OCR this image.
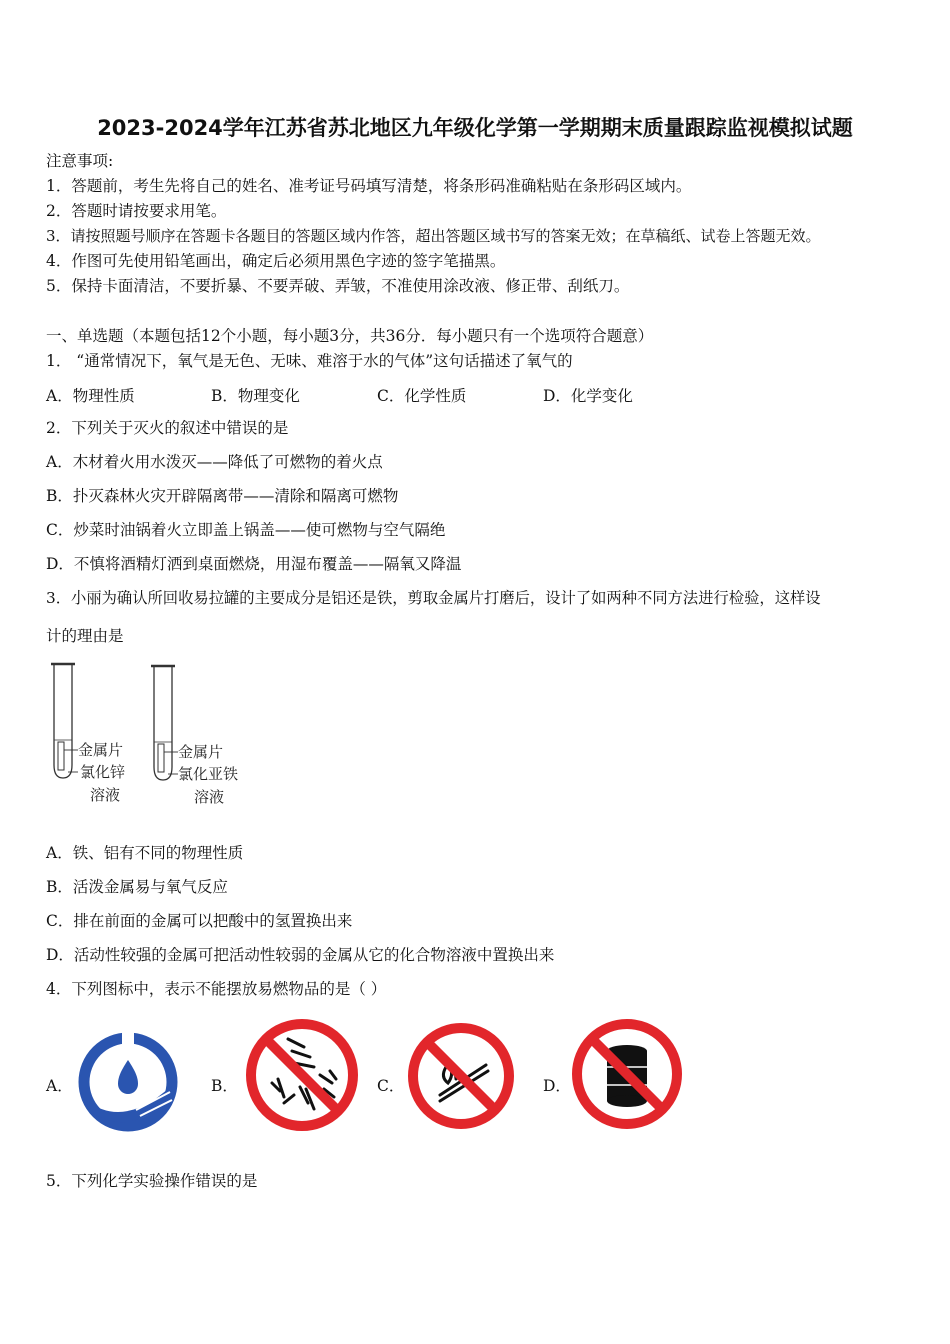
2023-2024学年江苏省苏北地区九年级化学第一学期期末质量跟踪监视模拟试题
注意事项:
1．答题前，考生先将自己的姓名、准考证号码填写清楚，将条形码准确粘贴在条形码区域内。
2．答题时请按要求用笔。
3．请按照题号顺序在答题卡各题目的答题区域内作答，超出答题区域书写的答案无效；在草稿纸、试卷上答题无效。
4．作图可先使用铅笔画出，确定后必须用黑色字迹的签字笔描黑。
5．保持卡面清洁，不要折暴、不要弄破、弄皱，不准使用涂改液、修正带、刮纸刀。
一、单选题（本题包括12个小题，每小题3分，共36分．每小题只有一个选项符合题意）
1． “通常情况下，氧气是无色、无味、难溶于水的气体”这句话描述了氧气的
A．物理性质	B．物理变化	C．化学性质	D．化学变化
2．下列关于灭火的叙述中错误的是
A．木材着火用水泼灭——降低了可燃物的着火点
B．扑灭森林火灾开辟隔离带——清除和隔离可燃物
C．炒菜时油锅着火立即盖上锅盖——使可燃物与空气隔绝
D．不慎将酒精灯洒到桌面燃烧，用湿布覆盖——隔氧又降温
3．小丽为确认所回收易拉罐的主要成分是铝还是铁，剪取金属片打磨后，设计了如两种不同方法进行检验，这样设
计的理由是
金属片
氯化锌
溶液
金属片
氯化亚铁
溶液
A．铁、铝有不同的物理性质
B．活泼金属易与氧气反应
C．排在前面的金属可以把酸中的氢置换出来
D．活动性较强的金属可把活动性较弱的金属从它的化合物溶液中置换出来
4．下列图标中，表示不能摆放易燃物品的是（ ）
A．	B．	C．	D．
5．下列化学实验操作错误的是
